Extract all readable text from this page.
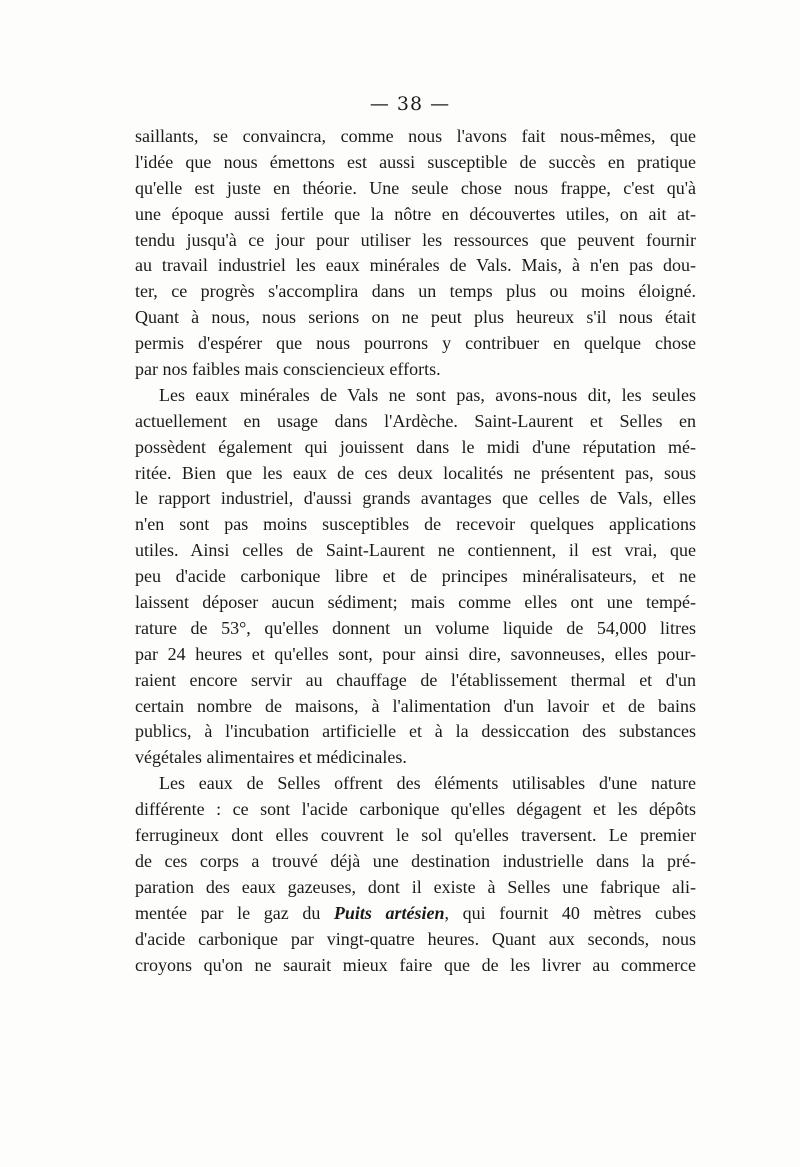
— 38 —
saillants, se convaincra, comme nous l'avons fait nous-mêmes, que
l'idée que nous émettons est aussi susceptible de succès en pratique
qu'elle est juste en théorie. Une seule chose nous frappe, c'est qu'à
une époque aussi fertile que la nôtre en découvertes utiles, on ait at-
tendu jusqu'à ce jour pour utiliser les ressources que peuvent fournir
au travail industriel les eaux minérales de Vals. Mais, à n'en pas dou-
ter, ce progrès s'accomplira dans un temps plus ou moins éloigné.
Quant à nous, nous serions on ne peut plus heureux s'il nous était
permis d'espérer que nous pourrons y contribuer en quelque chose
par nos faibles mais consciencieux efforts.
Les eaux minérales de Vals ne sont pas, avons-nous dit, les seules
actuellement en usage dans l'Ardèche. Saint-Laurent et Selles en
possèdent également qui jouissent dans le midi d'une réputation mé-
ritée. Bien que les eaux de ces deux localités ne présentent pas, sous
le rapport industriel, d'aussi grands avantages que celles de Vals, elles
n'en sont pas moins susceptibles de recevoir quelques applications
utiles. Ainsi celles de Saint-Laurent ne contiennent, il est vrai, que
peu d'acide carbonique libre et de principes minéralisateurs, et ne
laissent déposer aucun sédiment; mais comme elles ont une tempé-
rature de 53°, qu'elles donnent un volume liquide de 54,000 litres
par 24 heures et qu'elles sont, pour ainsi dire, savonneuses, elles pour-
raient encore servir au chauffage de l'établissement thermal et d'un
certain nombre de maisons, à l'alimentation d'un lavoir et de bains
publics, à l'incubation artificielle et à la dessiccation des substances
végétales alimentaires et médicinales.
Les eaux de Selles offrent des éléments utilisables d'une nature
différente : ce sont l'acide carbonique qu'elles dégagent et les dépôts
ferrugineux dont elles couvrent le sol qu'elles traversent. Le premier
de ces corps a trouvé déjà une destination industrielle dans la pré-
paration des eaux gazeuses, dont il existe à Selles une fabrique ali-
mentée par le gaz du Puits artésien, qui fournit 40 mètres cubes
d'acide carbonique par vingt-quatre heures. Quant aux seconds, nous
croyons qu'on ne saurait mieux faire que de les livrer au commerce
